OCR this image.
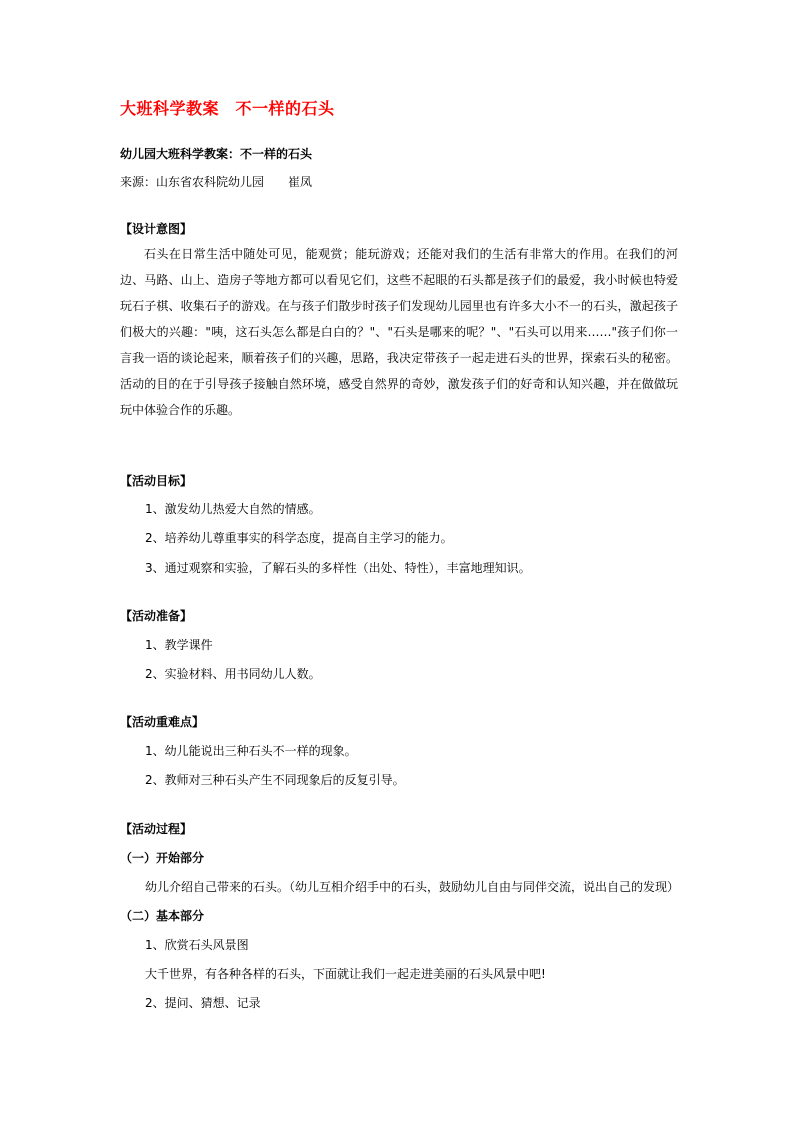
大班科学教案　不一样的石头
幼儿园大班科学教案：不一样的石头
来源：山东省农科院幼儿园　　崔凤
【设计意图】
石头在日常生活中随处可见，能观赏；能玩游戏；还能对我们的生活有非常大的作用。在我们的河边、马路、山上、造房子等地方都可以看见它们，这些不起眼的石头都是孩子们的最爱，我小时候也特爱玩石子棋、收集石子的游戏。在与孩子们散步时孩子们发现幼儿园里也有许多大小不一的石头，激起孩子们极大的兴趣："咦，这石头怎么都是白白的？"、"石头是哪来的呢？"、"石头可以用来……"孩子们你一言我一语的谈论起来，顺着孩子们的兴趣，思路，我决定带孩子一起走进石头的世界，探索石头的秘密。活动的目的在于引导孩子接触自然环境，感受自然界的奇妙，激发孩子们的好奇和认知兴趣，并在做做玩玩中体验合作的乐趣。
【活动目标】
1、激发幼儿热爱大自然的情感。
2、培养幼儿尊重事实的科学态度，提高自主学习的能力。
3、通过观察和实验，了解石头的多样性（出处、特性），丰富地理知识。
【活动准备】
1、教学课件
2、实验材料、用书同幼儿人数。
【活动重难点】
1、幼儿能说出三种石头不一样的现象。
2、教师对三种石头产生不同现象后的反复引导。
【活动过程】
（一）开始部分
幼儿介绍自己带来的石头。（幼儿互相介绍手中的石头，鼓励幼儿自由与同伴交流，说出自己的发现）
（二）基本部分
1、欣赏石头风景图
大千世界，有各种各样的石头，下面就让我们一起走进美丽的石头风景中吧!
2、提问、猜想、记录
